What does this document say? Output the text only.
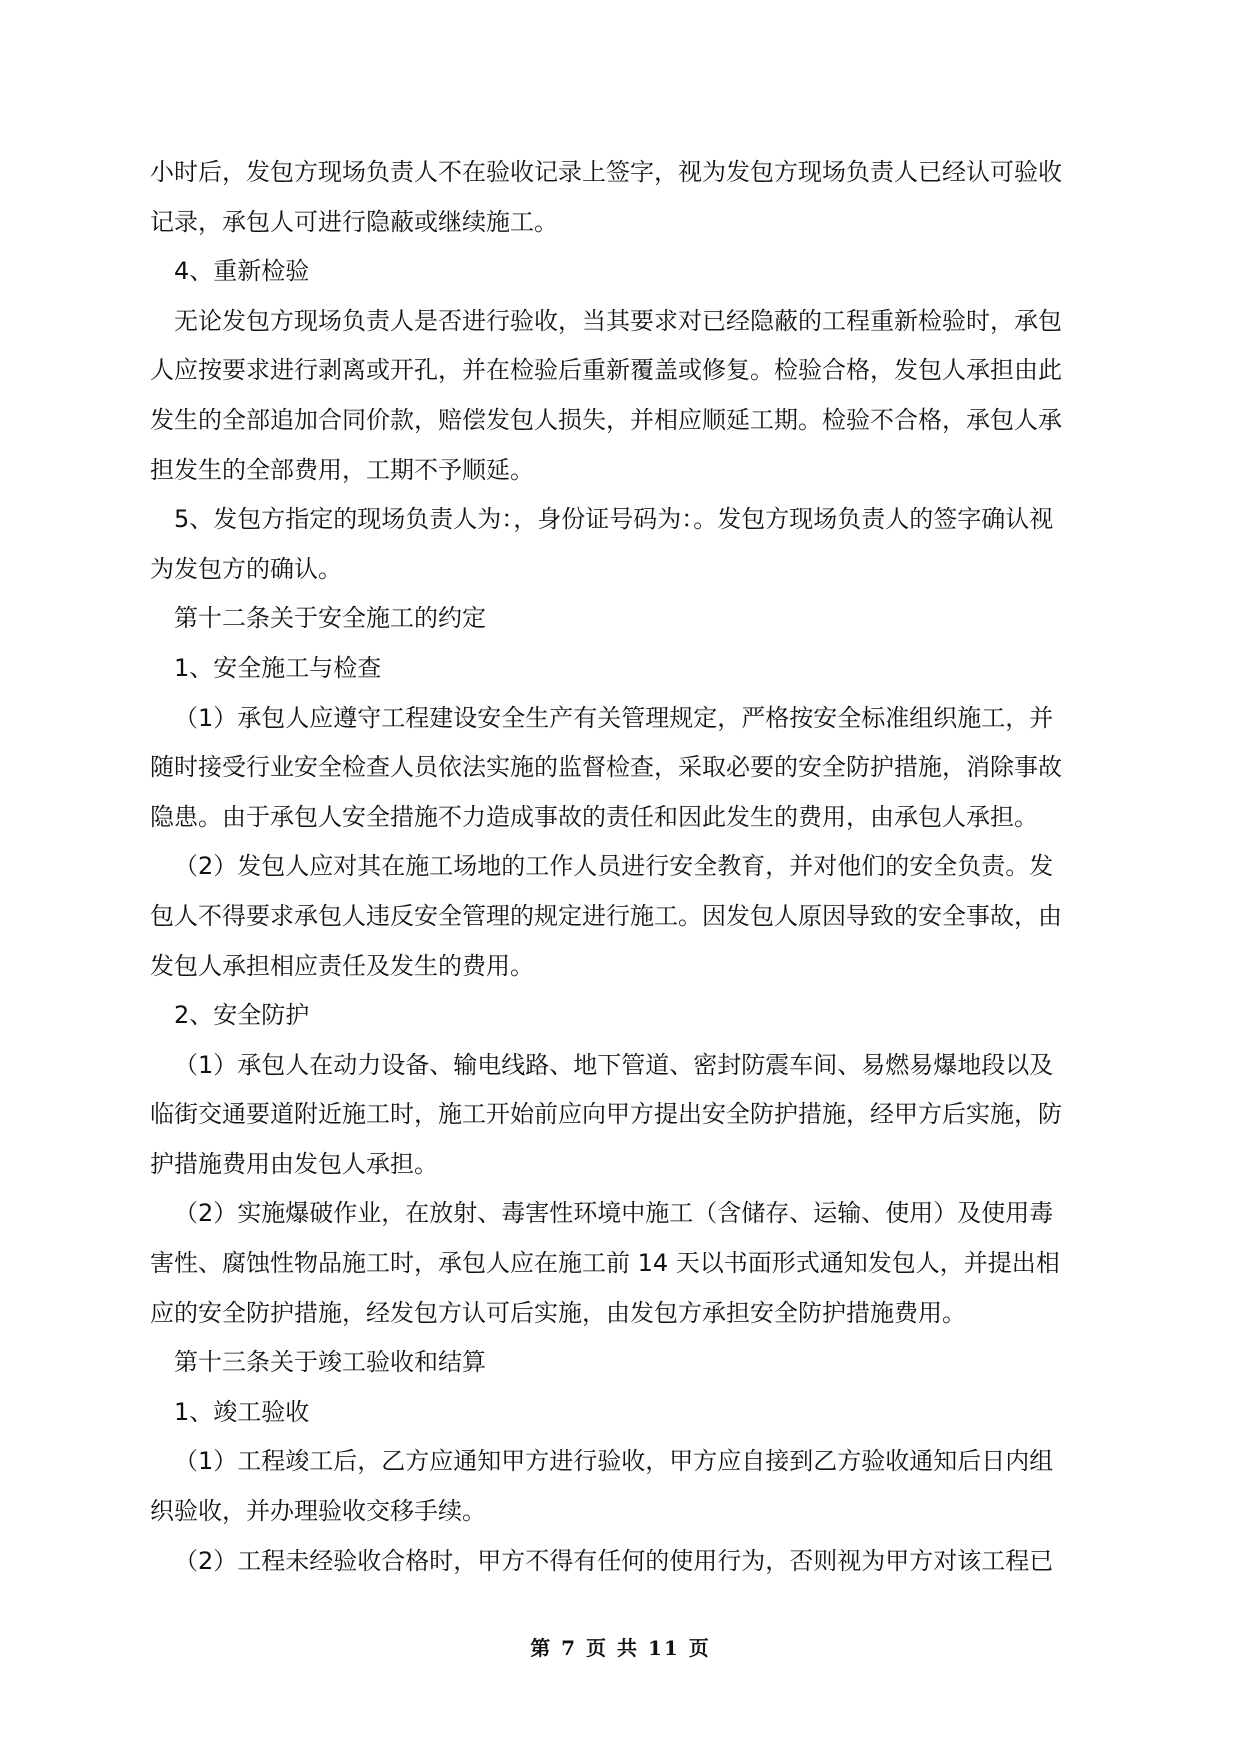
小时后，发包方现场负责人不在验收记录上签字，视为发包方现场负责人已经认可验收

记录，承包人可进行隐蔽或继续施工。

4、重新检验

无论发包方现场负责人是否进行验收，当其要求对已经隐蔽的工程重新检验时，承包

人应按要求进行剥离或开孔，并在检验后重新覆盖或修复。检验合格，发包人承担由此

发生的全部追加合同价款，赔偿发包人损失，并相应顺延工期。检验不合格，承包人承

担发生的全部费用，工期不予顺延。

5、发包方指定的现场负责人为：，身份证号码为：。发包方现场负责人的签字确认视

为发包方的确认。

第十二条关于安全施工的约定

1、安全施工与检查

（1）承包人应遵守工程建设安全生产有关管理规定，严格按安全标准组织施工，并

随时接受行业安全检查人员依法实施的监督检查，采取必要的安全防护措施，消除事故

隐患。由于承包人安全措施不力造成事故的责任和因此发生的费用，由承包人承担。

（2）发包人应对其在施工场地的工作人员进行安全教育，并对他们的安全负责。发

包人不得要求承包人违反安全管理的规定进行施工。因发包人原因导致的安全事故，由

发包人承担相应责任及发生的费用。

2、安全防护

（1）承包人在动力设备、输电线路、地下管道、密封防震车间、易燃易爆地段以及

临街交通要道附近施工时，施工开始前应向甲方提出安全防护措施，经甲方后实施，防

护措施费用由发包人承担。

（2）实施爆破作业，在放射、毒害性环境中施工（含储存、运输、使用）及使用毒

害性、腐蚀性物品施工时，承包人应在施工前 14 天以书面形式通知发包人，并提出相

应的安全防护措施，经发包方认可后实施，由发包方承担安全防护措施费用。

第十三条关于竣工验收和结算

1、竣工验收

（1）工程竣工后，乙方应通知甲方进行验收，甲方应自接到乙方验收通知后日内组

织验收，并办理验收交移手续。

（2）工程未经验收合格时，甲方不得有任何的使用行为，否则视为甲方对该工程已

第 7 页 共 11 页
